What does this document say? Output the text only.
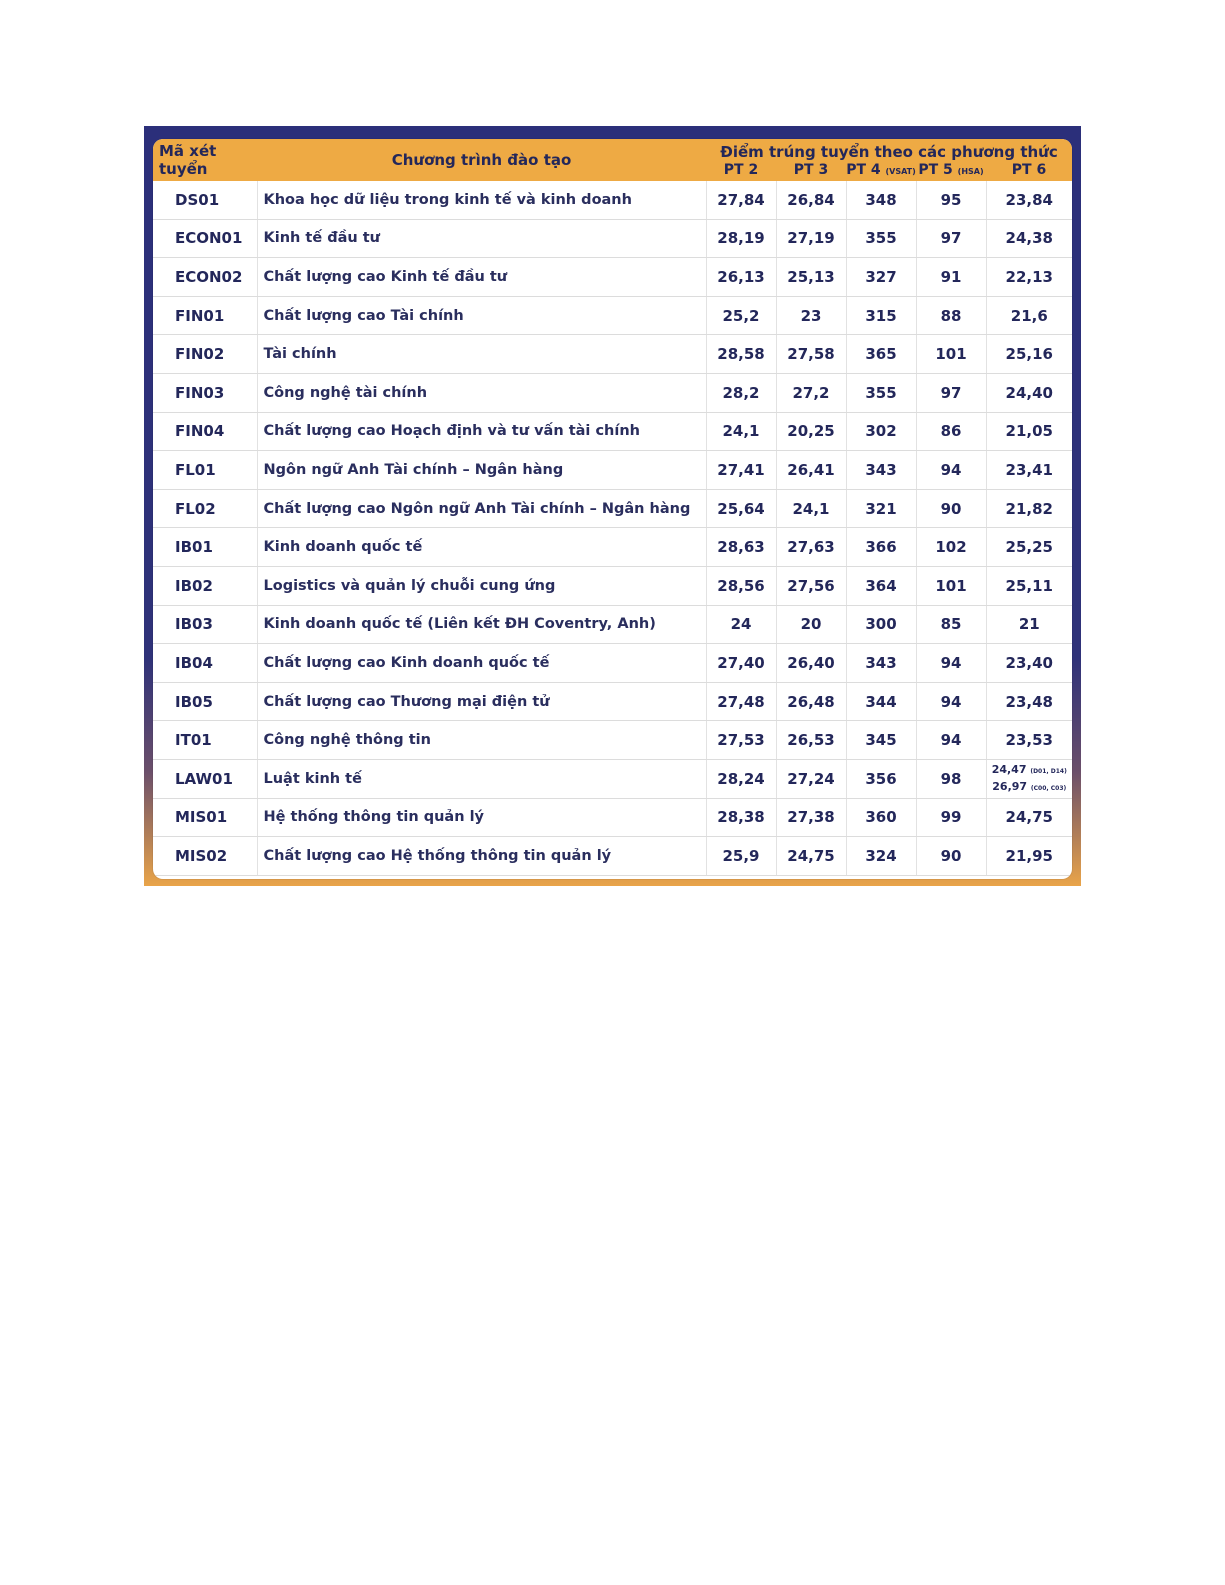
Mã xét tuyển	Chương trình đào tạo	Điểm trúng tuyển theo các phương thức				
		PT 2	PT 3	PT 4 (VSAT)	PT 5 (HSA)	PT 6
DS01	Khoa học dữ liệu trong kinh tế và kinh doanh	27,84	26,84	348	95	23,84
ECON01	Kinh tế đầu tư	28,19	27,19	355	97	24,38
ECON02	Chất lượng cao Kinh tế đầu tư	26,13	25,13	327	91	22,13
FIN01	Chất lượng cao Tài chính	25,2	23	315	88	21,6
FIN02	Tài chính	28,58	27,58	365	101	25,16
FIN03	Công nghệ tài chính	28,2	27,2	355	97	24,40
FIN04	Chất lượng cao Hoạch định và tư vấn tài chính	24,1	20,25	302	86	21,05
FL01	Ngôn ngữ Anh Tài chính – Ngân hàng	27,41	26,41	343	94	23,41
FL02	Chất lượng cao Ngôn ngữ Anh Tài chính – Ngân hàng	25,64	24,1	321	90	21,82
IB01	Kinh doanh quốc tế	28,63	27,63	366	102	25,25
IB02	Logistics và quản lý chuỗi cung ứng	28,56	27,56	364	101	25,11
IB03	Kinh doanh quốc tế (Liên kết ĐH Coventry, Anh)	24	20	300	85	21
IB04	Chất lượng cao Kinh doanh quốc tế	27,40	26,40	343	94	23,40
IB05	Chất lượng cao Thương mại điện tử	27,48	26,48	344	94	23,48
IT01	Công nghệ thông tin	27,53	26,53	345	94	23,53
LAW01	Luật kinh tế	28,24	27,24	356	98	24,47 (D01, D14)
26,97 (C00, C03)

MIS01	Hệ thống thông tin quản lý	28,38	27,38	360	99	24,75
MIS02	Chất lượng cao Hệ thống thông tin quản lý	25,9	24,75	324	90	21,95
